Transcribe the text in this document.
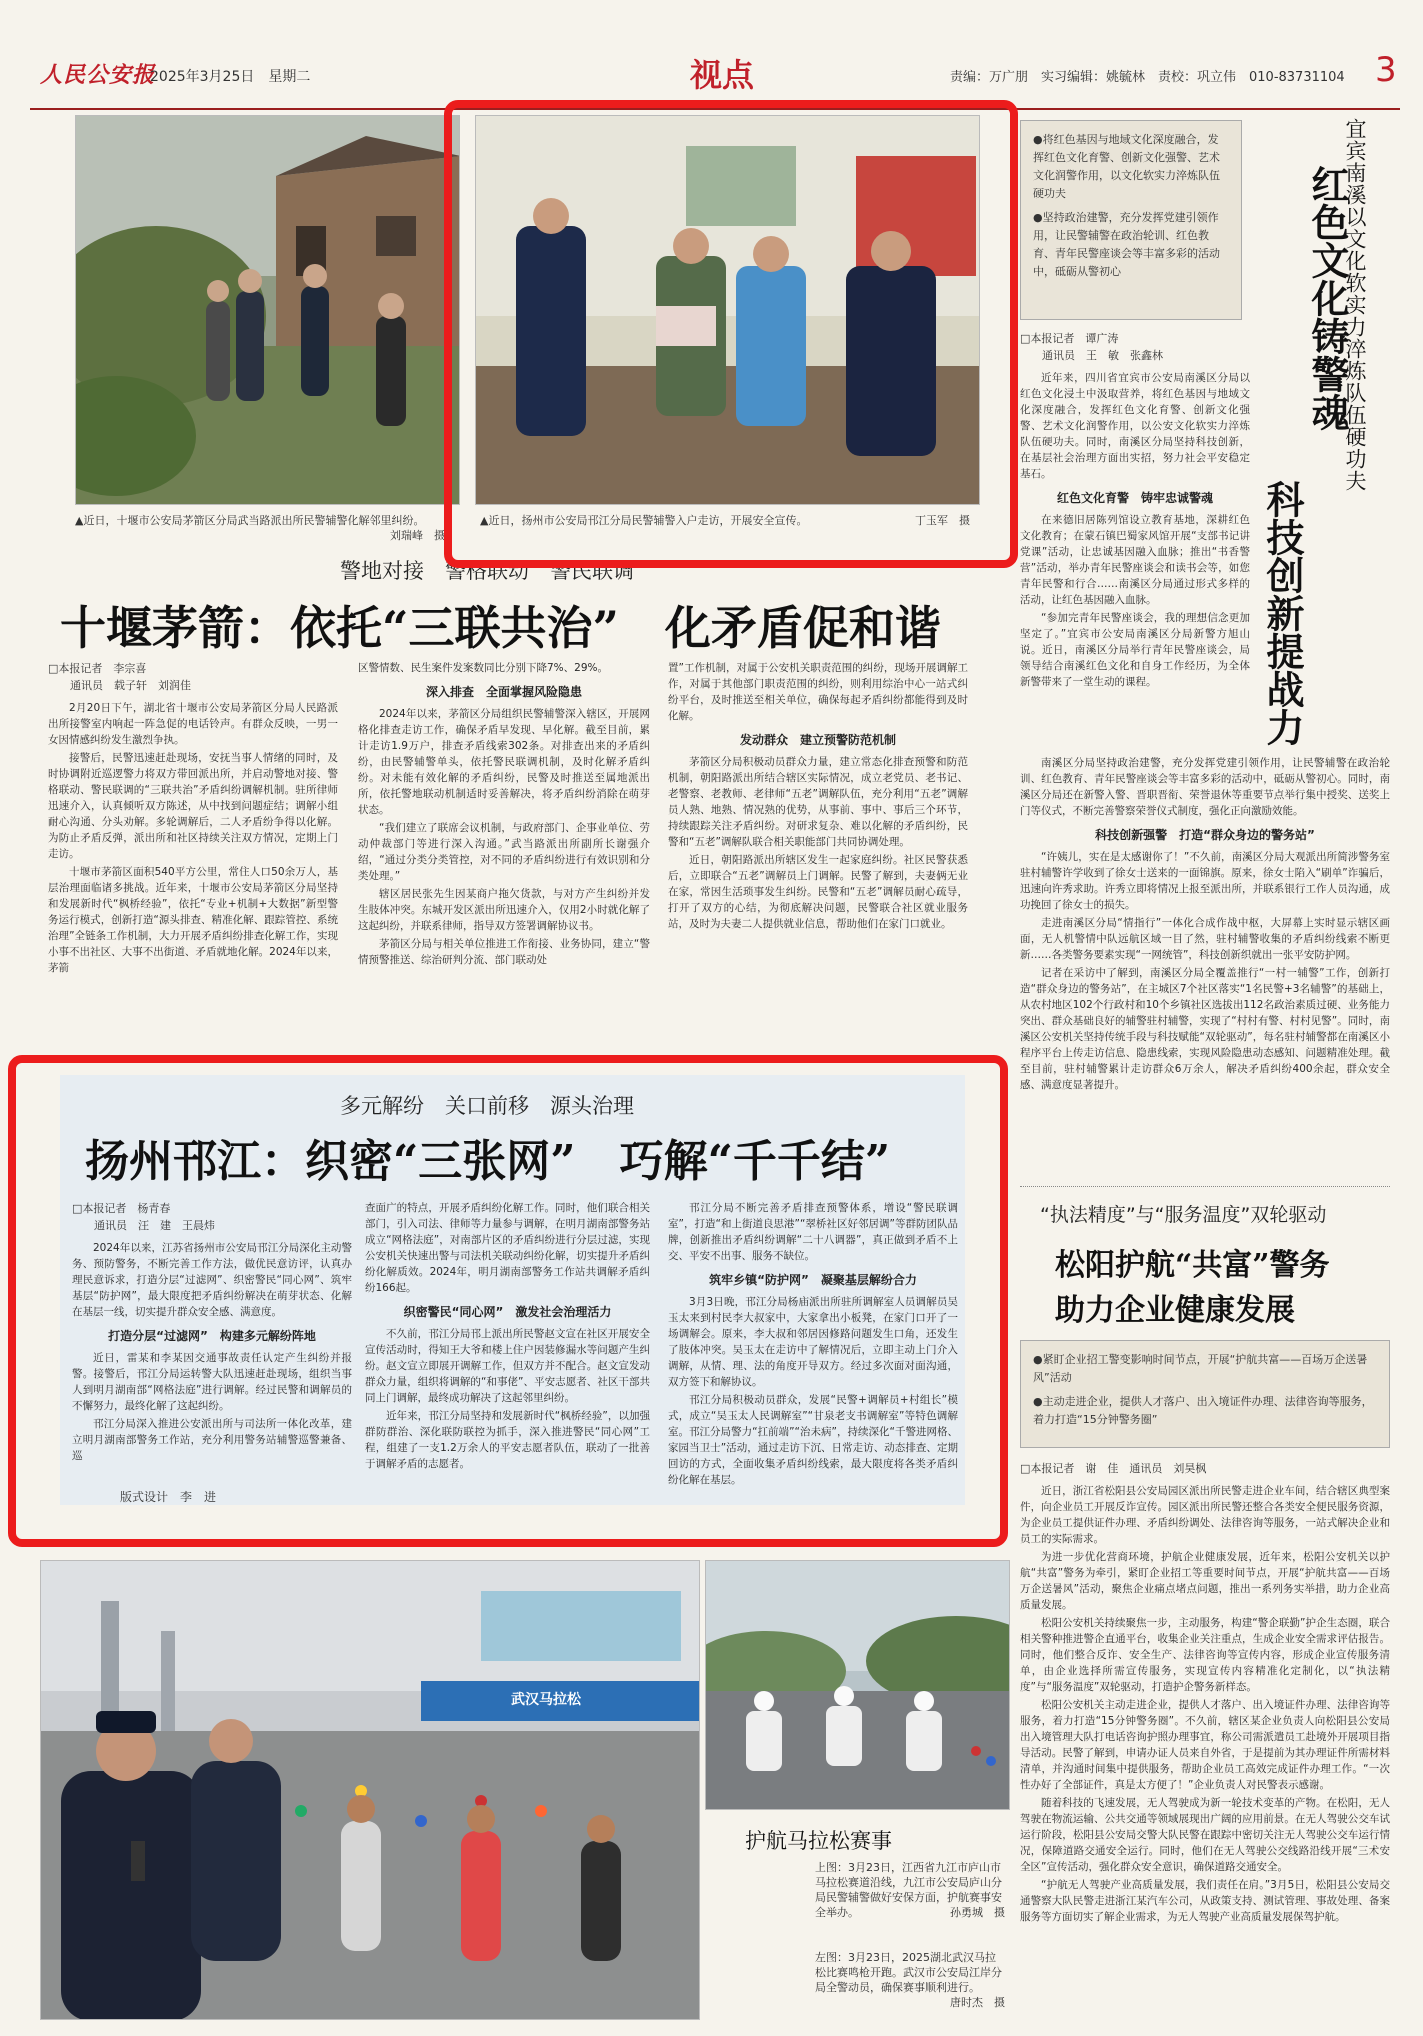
人民公安报
2025年3月25日　星期二	视点	责编：万广朋　实习编辑：姚毓林　责校：巩立伟　010-83731104 3
▲近日，十堰市公安局茅箭区分局武当路派出所民警辅警化解邻里纠纷。
刘瑞峰　摄
▲近日，扬州市公安局邗江分局民警辅警入户走访，开展安全宣传。	丁玉军　摄
警地对接　警格联动　警民联调
十堰茅箭：依托“三联共治”　化矛盾促和谐
□本报记者　李宗喜
通讯员　载子轩　刘润佳

2月20日下午，湖北省十堰市公安局茅箭区分局人民路派出所接警室内响起一阵急促的电话铃声。有群众反映，一男一女因情感纠纷发生激烈争执。

接警后，民警迅速赶赴现场，安抚当事人情绪的同时，及时协调附近巡逻警力将双方带回派出所，并启动警地对接、警格联动、警民联调的“三联共治”矛盾纠纷调解机制。驻所律师迅速介入，认真倾听双方陈述，从中找到问题症结；调解小组耐心沟通、分头劝解。多轮调解后，二人矛盾纷争得以化解。为防止矛盾反弹，派出所和社区持续关注双方情况，定期上门走访。

十堰市茅箭区面积540平方公里，常住人口50余万人，基层治理面临诸多挑战。近年来，十堰市公安局茅箭区分局坚持和发展新时代“枫桥经验”，依托“专业+机制+大数据”新型警务运行模式，创新打造“源头排查、精准化解、跟踪管控、系统治理”全链条工作机制，大力开展矛盾纠纷排查化解工作，实现小事不出社区、大事不出街道、矛盾就地化解。2024年以来，茅箭

区警情数、民生案件发案数同比分别下降7%、29%。

深入排查　全面掌握风险隐患

2024年以来，茅箭区分局组织民警辅警深入辖区，开展网格化排查走访工作，确保矛盾早发现、早化解。截至目前，累计走访1.9万户，排查矛盾线索302条。对排查出来的矛盾纠纷，由民警辅警单头，依托警民联调机制，及时化解矛盾纠纷。对未能有效化解的矛盾纠纷，民警及时推送至属地派出所，依托警地联动机制适时妥善解决，将矛盾纠纷消除在萌芽状态。

“我们建立了联席会议机制，与政府部门、企事业单位、劳动仲裁部门等进行深入沟通。”武当路派出所副所长谢强介绍，“通过分类分类管控，对不同的矛盾纠纷进行有效识别和分类处理。”

辖区居民张先生因某商户拖欠货款，与对方产生纠纷并发生肢体冲突。东城开发区派出所迅速介入，仅用2小时就化解了这起纠纷，并联系律师，指导双方签署调解协议书。

茅箭区分局与相关单位推进工作衔接、业务协同，建立“警情预警推送、综治研判分流、部门联动处

置”工作机制，对属于公安机关职责范围的纠纷，现场开展调解工作，对属于其他部门职责范围的纠纷，则利用综治中心一站式纠纷平台，及时推送至相关单位，确保每起矛盾纠纷都能得到及时化解。

发动群众　建立预警防范机制

茅箭区分局积极动员群众力量，建立常态化排查预警和防范机制，朝阳路派出所结合辖区实际情况，成立老党员、老书记、老警察、老教师、老律师“五老”调解队伍，充分利用“五老”调解员人熟、地熟、情况熟的优势，从事前、事中、事后三个环节，持续跟踪关注矛盾纠纷。对研求复杂、难以化解的矛盾纠纷，民警和“五老”调解队联合相关职能部门共同协调处理。

近日，朝阳路派出所辖区发生一起家庭纠纷。社区民警获悉后，立即联合“五老”调解员上门调解。民警了解到，夫妻俩无业在家，常因生活琐事发生纠纷。民警和“五老”调解员耐心疏导，打开了双方的心结，为彻底解决问题，民警联合社区就业服务站，及时为夫妻二人提供就业信息，帮助他们在家门口就业。

多元解纷　关口前移　源头治理
扬州邗江：织密“三张网”　巧解“千千结”
□本报记者　杨青春
通讯员　汪　建　王晨炜

2024年以来，江苏省扬州市公安局邗江分局深化主动警务、预防警务，不断完善工作方法，做优民意访评，认真办理民意诉求，打造分层“过滤网”、织密警民“同心网”、筑牢基层“防护网”，最大限度把矛盾纠纷解决在萌芽状态、化解在基层一线，切实提升群众安全感、满意度。

打造分层“过滤网”　构建多元解纷阵地

近日，雷某和李某因交通事故责任认定产生纠纷并报警。接警后，邗江分局运转警大队迅速赶赴现场，组织当事人到明月湖南部“网格法庭”进行调解。经过民警和调解员的不懈努力，最终化解了这起纠纷。

邗江分局深入推进公安派出所与司法所一体化改革，建立明月湖南部警务工作站，充分利用警务站辅警巡警兼备、巡

查面广的特点，开展矛盾纠纷化解工作。同时，他们联合相关部门，引入司法、律师等力量参与调解，在明月湖南部警务站成立“网格法庭”，对南部片区的矛盾纠纷进行分层过滤，实现公安机关快速出警与司法机关联动纠纷化解，切实提升矛盾纠纷化解质效。2024年，明月湖南部警务工作站共调解矛盾纠纷166起。

织密警民“同心网”　激发社会治理活力

不久前，邗江分局邗上派出所民警赵文宣在社区开展安全宣传活动时，得知王大爷和楼上住户因装修漏水等问题产生纠纷。赵文宣立即展开调解工作，但双方并不配合。赵文宣发动群众力量，组织将调解的“和事佬”、平安志愿者、社区干部共同上门调解，最终成功解决了这起邻里纠纷。

近年来，邗江分局坚持和发展新时代“枫桥经验”，以加强群防群治、深化联防联控为抓手，深入推进警民“同心网”工程，组建了一支1.2万余人的平安志愿者队伍，联动了一批善于调解矛盾的志愿者。

邗江分局不断完善矛盾排查预警体系，增设“警民联调室”，打造“和上街道良思港”“翠桥社区好邻居调”等群防团队品牌，创新推出矛盾纠纷调解“二十八调器”，真正做到矛盾不上交、平安不出事、服务不缺位。

筑牢乡镇“防护网”　凝聚基层解纷合力

3月3日晚，邗江分局杨庙派出所驻所调解室人员调解员吴玉太来到村民李大叔家中，大家拿出小板凳，在家门口开了一场调解会。原来，李大叔和邻居因修路问题发生口角，还发生了肢体冲突。吴玉太在走访中了解情况后，立即主动上门介入调解，从情、理、法的角度开导双方。经过多次面对面沟通，双方签下和解协议。

邗江分局积极动员群众，发展“民警+调解员+村组长”模式，成立“吴玉太人民调解室”“甘泉老支书调解室”等特色调解室。邗江分局警力“扛前端”“治未病”，持续深化“千警进网格、家园当卫士”活动，通过走访下沉、日常走访、动态排查、定期回访的方式，全面收集矛盾纠纷线索，最大限度将各类矛盾纠纷化解在基层。

版式设计　李　进
宜宾南溪以文化软实力淬炼队伍硬功夫
红色文化铸警魂
科技创新提战力

●将红色基因与地域文化深度融合，发挥红色文化育警、创新文化强警、艺术文化润警作用，以文化软实力淬炼队伍硬功夫

●坚持政治建警，充分发挥党建引领作用，让民警辅警在政治轮训、红色教育、青年民警座谈会等丰富多彩的活动中，砥砺从警初心

□本报记者　谭广涛
通讯员　王　敏　张鑫林

近年来，四川省宜宾市公安局南溪区分局以红色文化浸土中汲取营养，将红色基因与地域文化深度融合，发挥红色文化育警、创新文化强警、艺术文化润警作用，以公安文化软实力淬炼队伍硬功夫。同时，南溪区分局坚持科技创新，在基层社会治理方面出实招，努力社会平安稳定基石。

红色文化育警　铸牢忠诚警魂

在来德旧居陈列馆设立教育基地，深耕红色文化教育；在蒙石镇巴蜀家风馆开展“支部书记讲党课”活动，让忠诚基因融入血脉；推出“书香警营”活动，举办青年民警座谈会和读书会等，如您青年民警和行合……南溪区分局通过形式多样的活动，让红色基因融入血脉。

“参加完青年民警座谈会，我的理想信念更加坚定了。”宜宾市公安局南溪区分局新警方旭山说。近日，南溪区分局举行青年民警座谈会，局领导结合南溪红色文化和自身工作经历，为全体新警带来了一堂生动的课程。

南溪区分局坚持政治建警，充分发挥党建引领作用，让民警辅警在政治轮训、红色教育、青年民警座谈会等丰富多彩的活动中，砥砺从警初心。同时，南溪区分局还在新警入警、晋职晋衔、荣誉退休等重要节点举行集中授奖、送奖上门等仪式，不断完善警察荣誉仪式制度，强化正向激励效能。

科技创新强警　打造“群众身边的警务站”

“许姨儿，实在是太感谢你了！”不久前，南溪区分局大观派出所简涉警务室驻村辅警许学收到了徐女士送来的一面锦旗。原来，徐女士陷入“刷单”诈骗后，迅速向许秀求助。许秀立即将情况上报至派出所，并联系银行工作人员沟通，成功挽回了徐女士的损失。

走进南溪区分局“情指行”一体化合成作战中枢，大屏幕上实时显示辖区画面，无人机警情中队远航区域一目了然，驻村辅警收集的矛盾纠纷线索不断更新……各类警务要素实现“一网统管”，科技创新织就出一张平安防护网。

记者在采访中了解到，南溪区分局全覆盖推行“一村一辅警”工作，创新打造“群众身边的警务站”，在主城区7个社区落实“1名民警+3名辅警”的基础上，从农村地区102个行政村和10个乡镇社区选拔出112名政治素质过硬、业务能力突出、群众基础良好的辅警驻村辅警，实现了“村村有警、村村见警”。同时，南溪区公安机关坚持传统手段与科技赋能“双轮驱动”，每名驻村辅警都在南溪区小程序平台上传走访信息、隐患线索，实现风险隐患动态感知、问题精准处理。截至目前，驻村辅警累计走访群众6万余人，解决矛盾纠纷400余起，群众安全感、满意度显著提升。

“执法精度”与“服务温度”双轮驱动
松阳护航“共富”警务
助力企业健康发展

●紧盯企业招工警变影响时间节点，开展“护航共富——百场万企送暑风”活动

●主动走进企业，提供人才落户、出入境证件办理、法律咨询等服务，着力打造“15分钟警务圈”

□本报记者　谢　佳　通讯员　刘昊枫

近日，浙江省松阳县公安局园区派出所民警走进企业车间，结合辖区典型案件，向企业员工开展反诈宣传。园区派出所民警还整合各类安全便民服务资源，为企业员工提供证件办理、矛盾纠纷调处、法律咨询等服务，一站式解决企业和员工的实际需求。

为进一步优化营商环境，护航企业健康发展，近年来，松阳公安机关以护航“共富”警务为牵引，紧盯企业招工等重要时间节点，开展“护航共富——百场万企送暑风”活动，聚焦企业痛点堵点问题，推出一系列务实举措，助力企业高质量发展。

松阳公安机关持续聚焦一步，主动服务，构建“警企联勤”护企生态圈，联合相关警种推进警企直通平台，收集企业关注重点，生成企业安全需求评估报告。同时，他们整合反诈、安全生产、法律咨询等宣传内容，形成企业宣传服务清单，由企业选择所需宣传服务，实现宣传内容精准化定制化，以“执法精度”与“服务温度”双轮驱动，打造护企警务新样态。

松阳公安机关主动走进企业，提供人才落户、出入境证件办理、法律咨询等服务，着力打造“15分钟警务圈”。不久前，辖区某企业负责人向松阳县公安局出入境管理大队打电话咨询护照办理事宜，称公司需派遣员工赴境外开展项目指导活动。民警了解到，申请办证人员来自外省，于是提前为其办理证件所需材料清单，并沟通时间集中提供服务，帮助企业员工高效完成证件办理工作。“一次性办好了全部证件，真是太方便了！”企业负责人对民警表示感谢。

随着科技的飞速发展，无人驾驶成为新一轮技术变革的产物。在松阳，无人驾驶在物流运输、公共交通等领域展现出广阔的应用前景。在无人驾驶公交车试运行阶段，松阳县公安局交警大队民警在跟踪中密切关注无人驾驶公交车运行情况，保障道路交通安全运行。同时，他们在无人驾驶公交线路沿线开展“三术安全区”宣传活动，强化群众安全意识，确保道路交通安全。

“护航无人驾驶产业高质量发展，我们责任在肩。”3月5日，松阳县公安局交通警察大队民警走进浙江某汽车公司，从政策支持、测试管理、事故处理、备案服务等方面切实了解企业需求，为无人驾驶产业高质量发展保驾护航。

武汉马拉松
护航马拉松赛事
上图：3月23日，江西省九江市庐山市马拉松赛道沿线，九江市公安局庐山分局民警辅警做好安保方面，护航赛事安全举办。	孙勇城　摄
左图：3月23日，2025湖北武汉马拉松比赛鸣枪开跑。武汉市公安局江岸分局全警动员，确保赛事顺利进行。
唐时杰　摄
